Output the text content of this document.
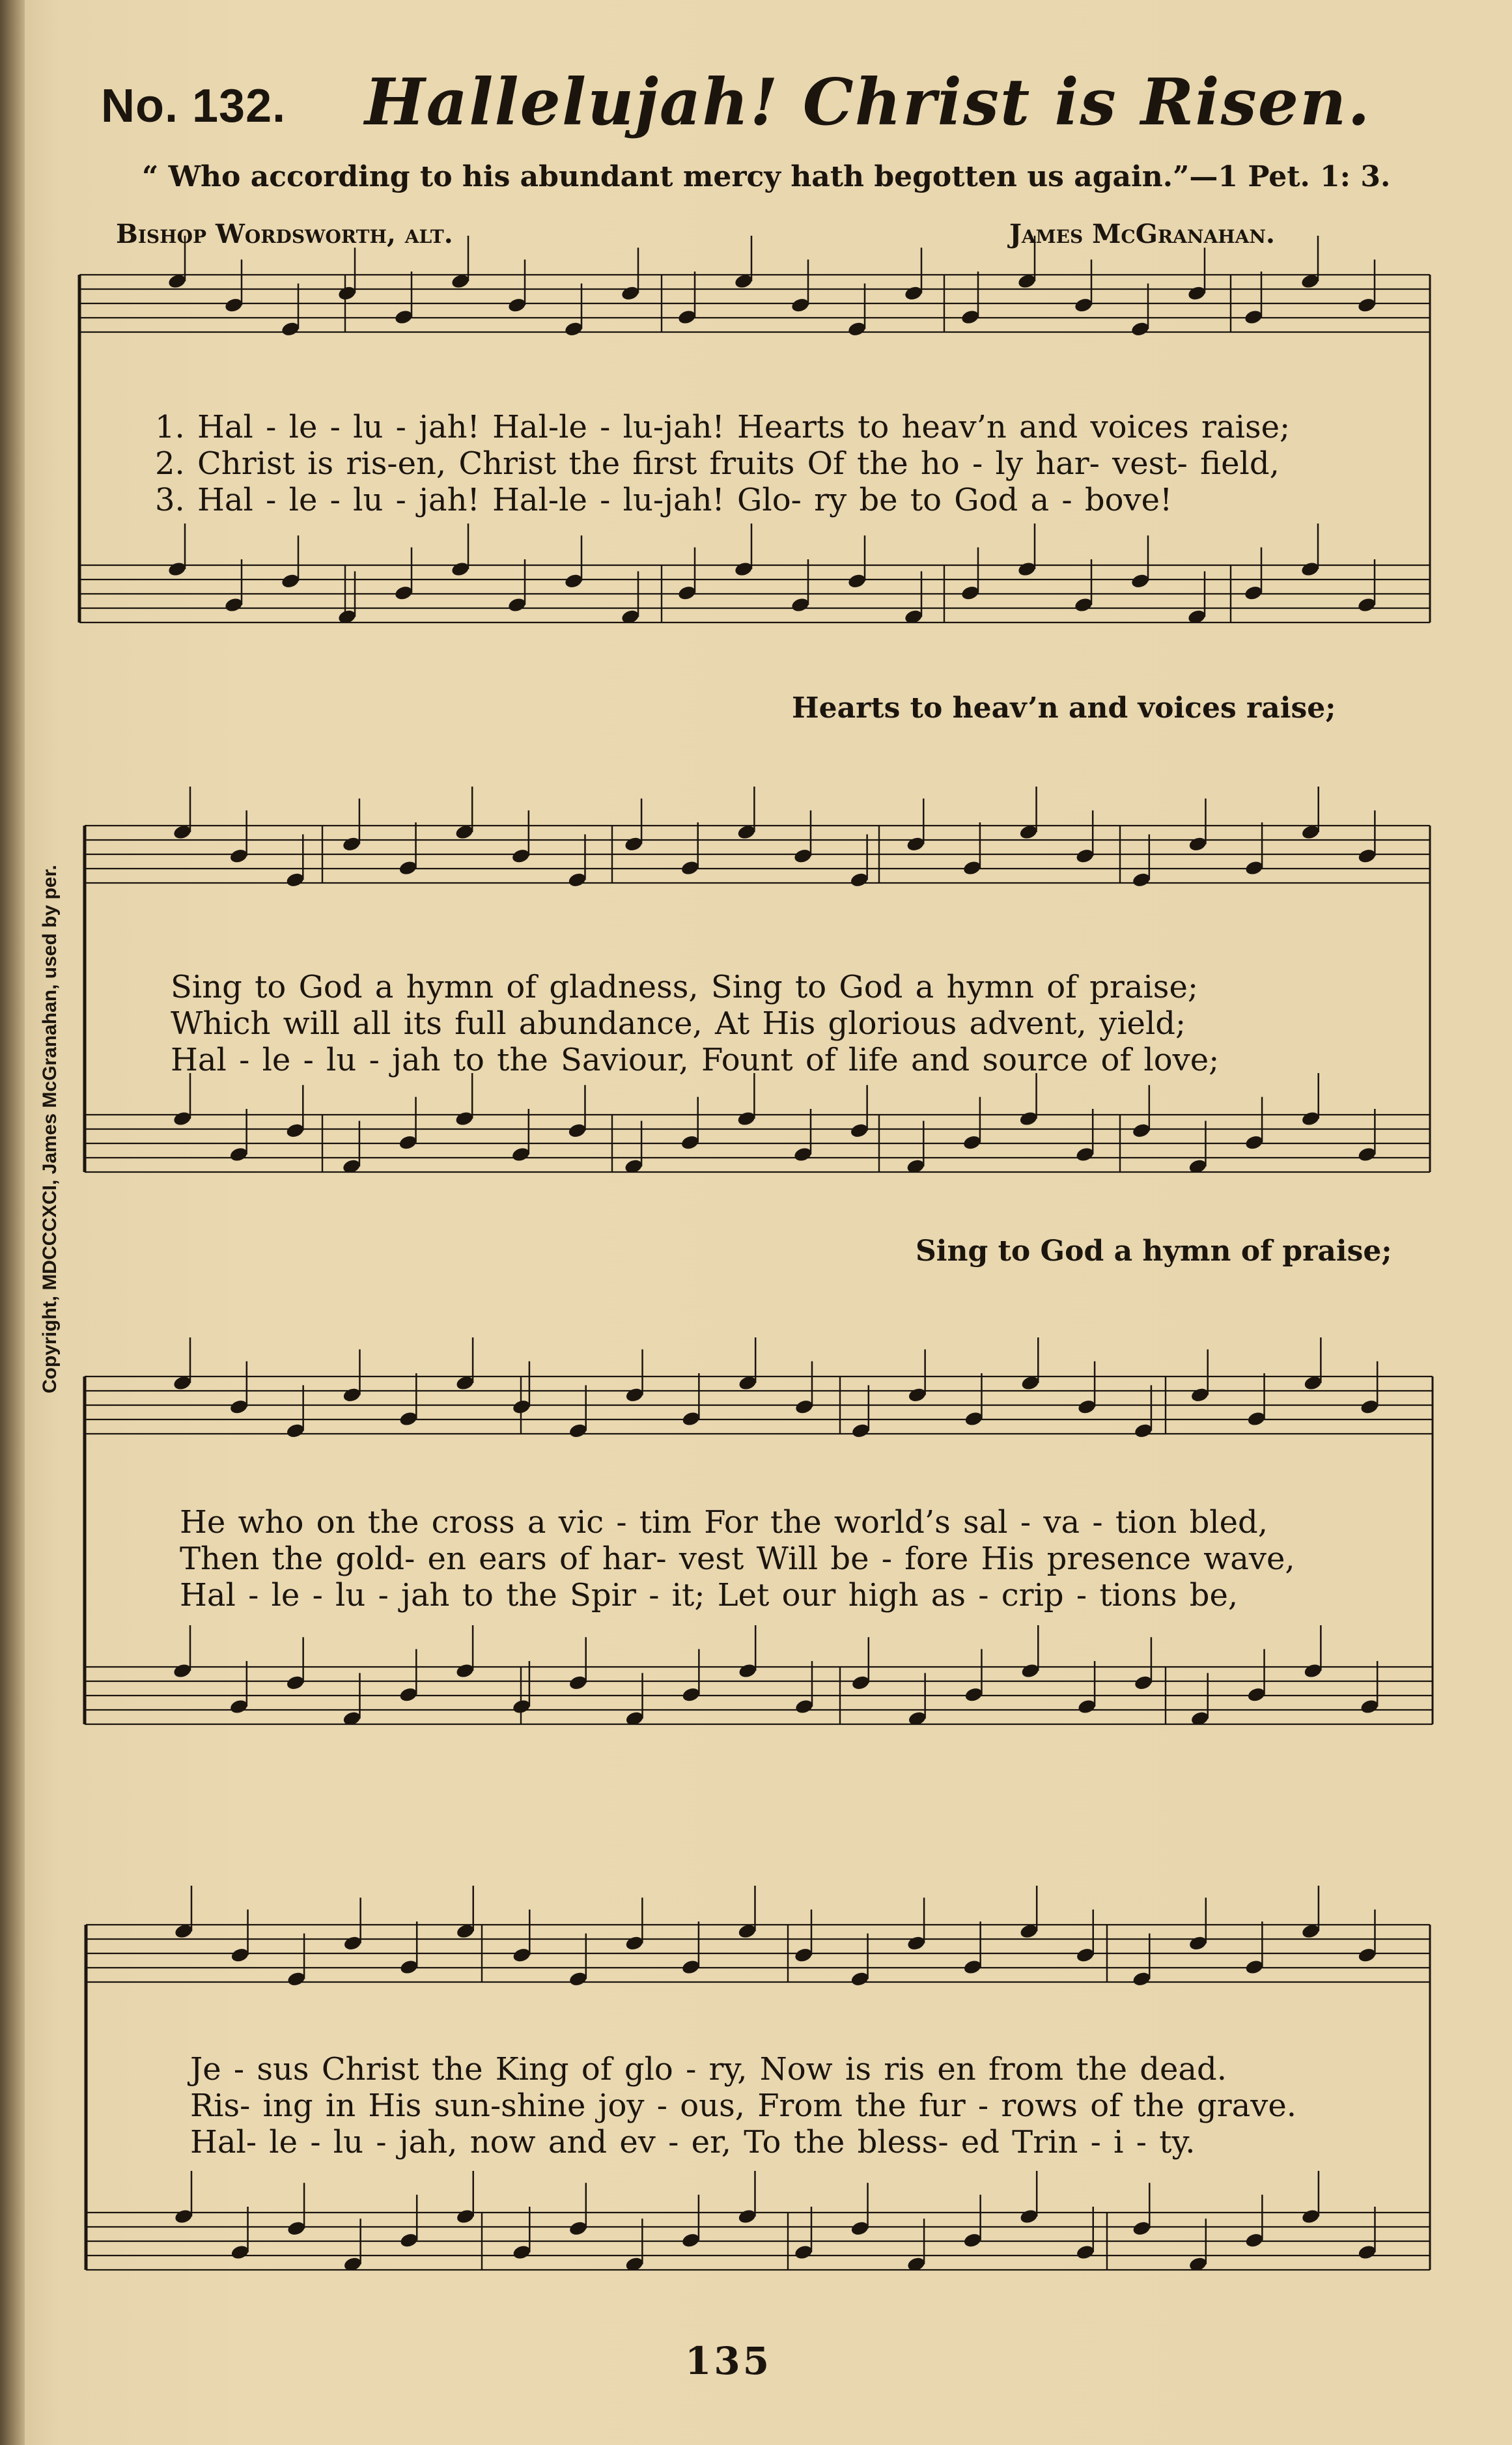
No. 132. Hallelujah! Christ is Risen.
“ Who according to his abundant mercy hath begotten us again.”—1 Pet. 1: 3.
Bishop Wordsworth, alt.	James McGranahan.
Copyright, MDCCCXCI, James McGranahan, used by per.
1. Hal - le - lu - jah! Hal-le - lu-jah! Hearts to heav’n and voices raise;
2. Christ is ris-en, Christ the first fruits Of the ho - ly har- vest- field,
3. Hal - le - lu - jah! Hal-le - lu-jah! Glo- ry be to God a - bove!
Hearts to heav’n and voices raise;
Sing to God a hymn of gladness, Sing to God a hymn of praise;
Which will all its full abundance, At His glorious advent, yield;
Hal - le - lu - jah to the Saviour, Fount of life and source of love;
Sing to God a hymn of praise;
He who on the cross a vic - tim For the world’s sal - va - tion bled,
Then the gold- en ears of har- vest Will be - fore His presence wave,
Hal - le - lu - jah to the Spir - it; Let our high as - crip - tions be,
Je - sus Christ the King of glo - ry, Now is ris en from the dead.
Ris- ing in His sun-shine joy - ous, From the fur - rows of the grave.
Hal- le - lu - jah, now and ev - er, To the bless- ed Trin - i - ty.
135
